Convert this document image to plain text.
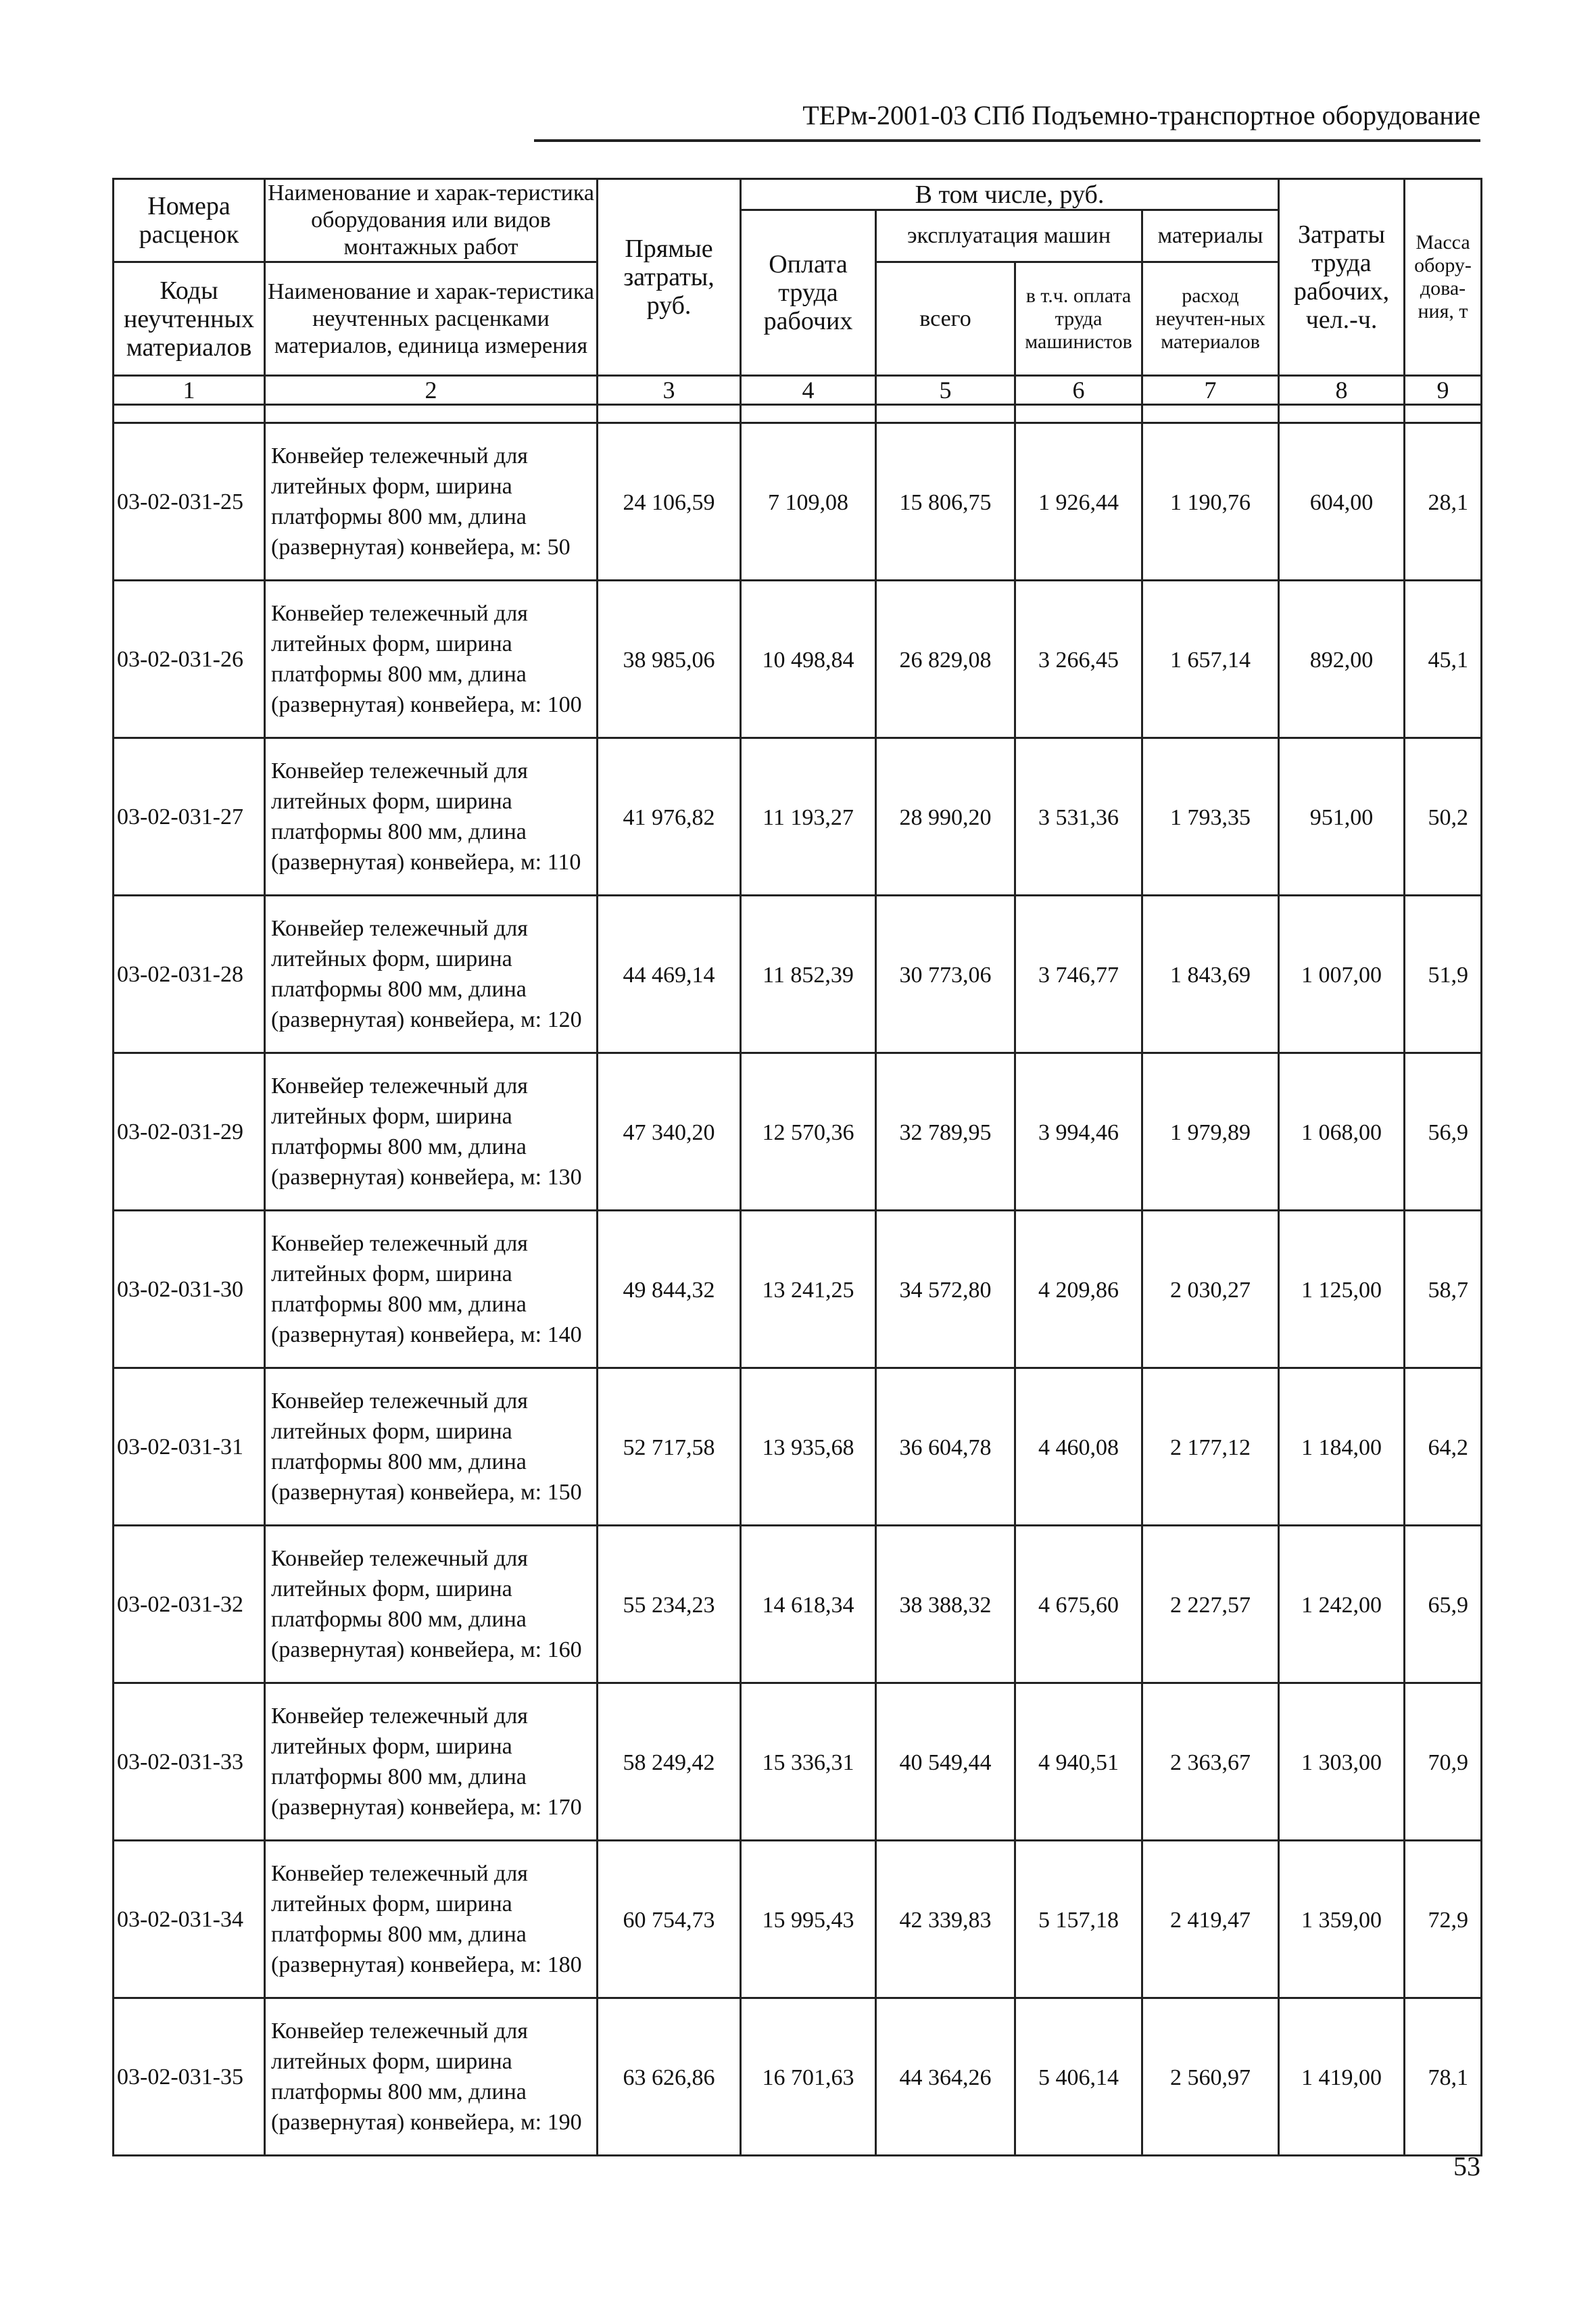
ТЕРм-2001-03 СПб Подъемно-транспортное оборудование
Номера расценок	Наименование и харак-теристика оборудования или видов монтажных работ	Прямые затраты, руб.	В том числе, руб.				Затраты труда рабочих, чел.-ч.	Масса обору-дова-ния, т
			Оплата труда рабочих	эксплуатация машин		материалы		
Коды неучтенных материалов	Наименование и харак-теристика неучтенных расценками материалов, единица измерения			всего	в т.ч. оплата труда машинистов	расход неучтен-ных материалов		

1	2	3	4	5	6	7	8	9

03-02-031-25	Конвейер тележечный для литейных форм, ширина платформы 800 мм, длина (развернутая) конвейера, м: 50	24 106,59	7 109,08	15 806,75	1 926,44	1 190,76	604,00	28,1
03-02-031-26	Конвейер тележечный для литейных форм, ширина платформы 800 мм, длина (развернутая) конвейера, м: 100	38 985,06	10 498,84	26 829,08	3 266,45	1 657,14	892,00	45,1
03-02-031-27	Конвейер тележечный для литейных форм, ширина платформы 800 мм, длина (развернутая) конвейера, м: 110	41 976,82	11 193,27	28 990,20	3 531,36	1 793,35	951,00	50,2
03-02-031-28	Конвейер тележечный для литейных форм, ширина платформы 800 мм, длина (развернутая) конвейера, м: 120	44 469,14	11 852,39	30 773,06	3 746,77	1 843,69	1 007,00	51,9
03-02-031-29	Конвейер тележечный для литейных форм, ширина платформы 800 мм, длина (развернутая) конвейера, м: 130	47 340,20	12 570,36	32 789,95	3 994,46	1 979,89	1 068,00	56,9
03-02-031-30	Конвейер тележечный для литейных форм, ширина платформы 800 мм, длина (развернутая) конвейера, м: 140	49 844,32	13 241,25	34 572,80	4 209,86	2 030,27	1 125,00	58,7
03-02-031-31	Конвейер тележечный для литейных форм, ширина платформы 800 мм, длина (развернутая) конвейера, м: 150	52 717,58	13 935,68	36 604,78	4 460,08	2 177,12	1 184,00	64,2
03-02-031-32	Конвейер тележечный для литейных форм, ширина платформы 800 мм, длина (развернутая) конвейера, м: 160	55 234,23	14 618,34	38 388,32	4 675,60	2 227,57	1 242,00	65,9
03-02-031-33	Конвейер тележечный для литейных форм, ширина платформы 800 мм, длина (развернутая) конвейера, м: 170	58 249,42	15 336,31	40 549,44	4 940,51	2 363,67	1 303,00	70,9
03-02-031-34	Конвейер тележечный для литейных форм, ширина платформы 800 мм, длина (развернутая) конвейера, м: 180	60 754,73	15 995,43	42 339,83	5 157,18	2 419,47	1 359,00	72,9
03-02-031-35	Конвейер тележечный для литейных форм, ширина платформы 800 мм, длина (развернутая) конвейера, м: 190	63 626,86	16 701,63	44 364,26	5 406,14	2 560,97	1 419,00	78,1
53
